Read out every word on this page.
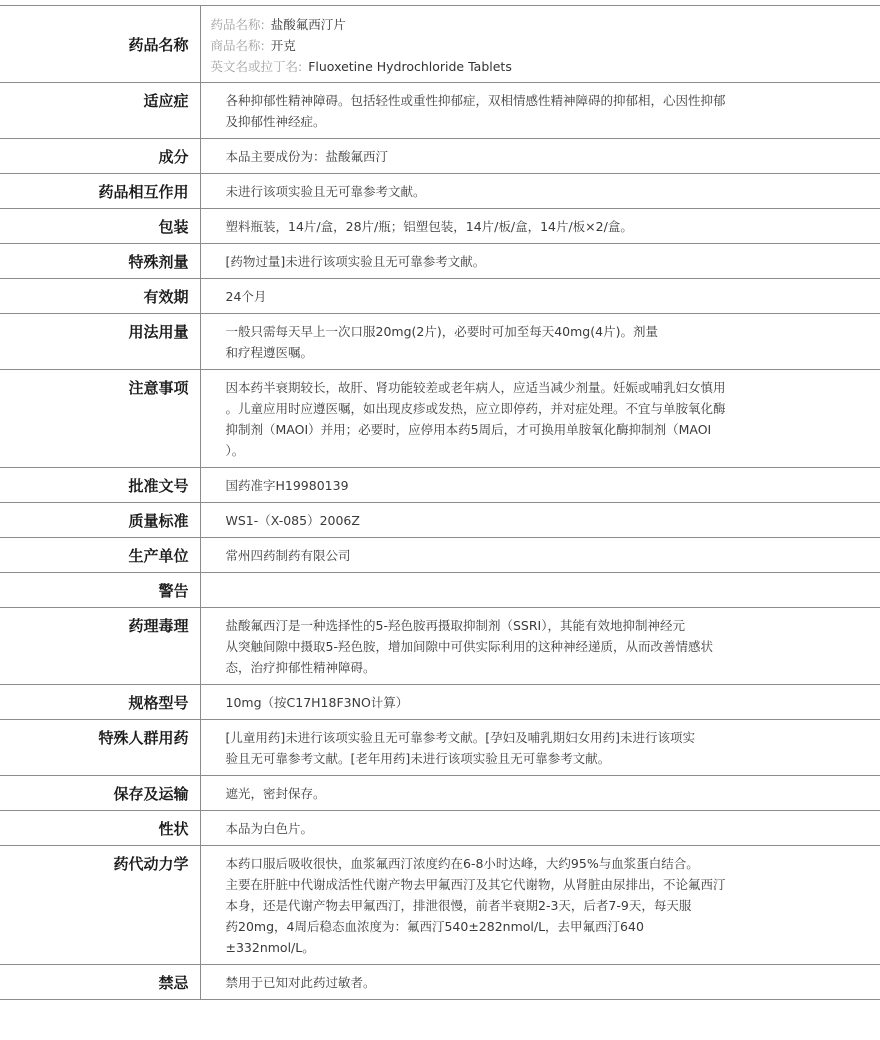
药品名称	药品名称: 盐酸氟西汀片
商品名称: 开克
英文名或拉丁名: Fluoxetine Hydrochloride Tablets

适应症	各种抑郁性精神障碍。包括轻性或重性抑郁症，双相情感性精神障碍的抑郁相，心因性抑郁
及抑郁性神经症。

成分	本品主要成份为：盐酸氟西汀

药品相互作用	未进行该项实验且无可靠参考文献。

包装	塑料瓶装，14片/盒，28片/瓶；铝塑包装，14片/板/盒，14片/板×2/盒。

特殊剂量	[药物过量]未进行该项实验且无可靠参考文献。

有效期	24个月

用法用量	一般只需每天早上一次口服20mg(2片)，必要时可加至每天40mg(4片)。剂量
和疗程遵医嘱。

注意事项	因本药半衰期较长，故肝、肾功能较差或老年病人，应适当减少剂量。妊娠或哺乳妇女慎用
。儿童应用时应遵医嘱，如出现皮疹或发热，应立即停药，并对症处理。不宜与单胺氧化酶
抑制剂（MAOI）并用；必要时，应停用本药5周后，才可换用单胺氧化酶抑制剂（MAOI
）。

批准文号	国药准字H19980139

质量标准	WS1-（X-085）2006Z

生产单位	常州四药制药有限公司

警告	

药理毒理	盐酸氟西汀是一种选择性的5-羟色胺再摄取抑制剂（SSRI），其能有效地抑制神经元
从突触间隙中摄取5-羟色胺，增加间隙中可供实际利用的这种神经递质，从而改善情感状
态，治疗抑郁性精神障碍。

规格型号	10mg（按C17H18F3NO计算）

特殊人群用药	[儿童用药]未进行该项实验且无可靠参考文献。[孕妇及哺乳期妇女用药]未进行该项实
验且无可靠参考文献。[老年用药]未进行该项实验且无可靠参考文献。

保存及运输	遮光，密封保存。

性状	本品为白色片。

药代动力学	本药口服后吸收很快，血浆氟西汀浓度约在6-8小时达峰，大约95%与血浆蛋白结合。
主要在肝脏中代谢成活性代谢产物去甲氟西汀及其它代谢物，从肾脏由尿排出，不论氟西汀
本身，还是代谢产物去甲氟西汀，排泄很慢，前者半衰期2-3天，后者7-9天，每天服
药20mg，4周后稳态血浓度为：氟西汀540±282nmol/L，去甲氟西汀640
±332nmol/L。

禁忌	禁用于已知对此药过敏者。
